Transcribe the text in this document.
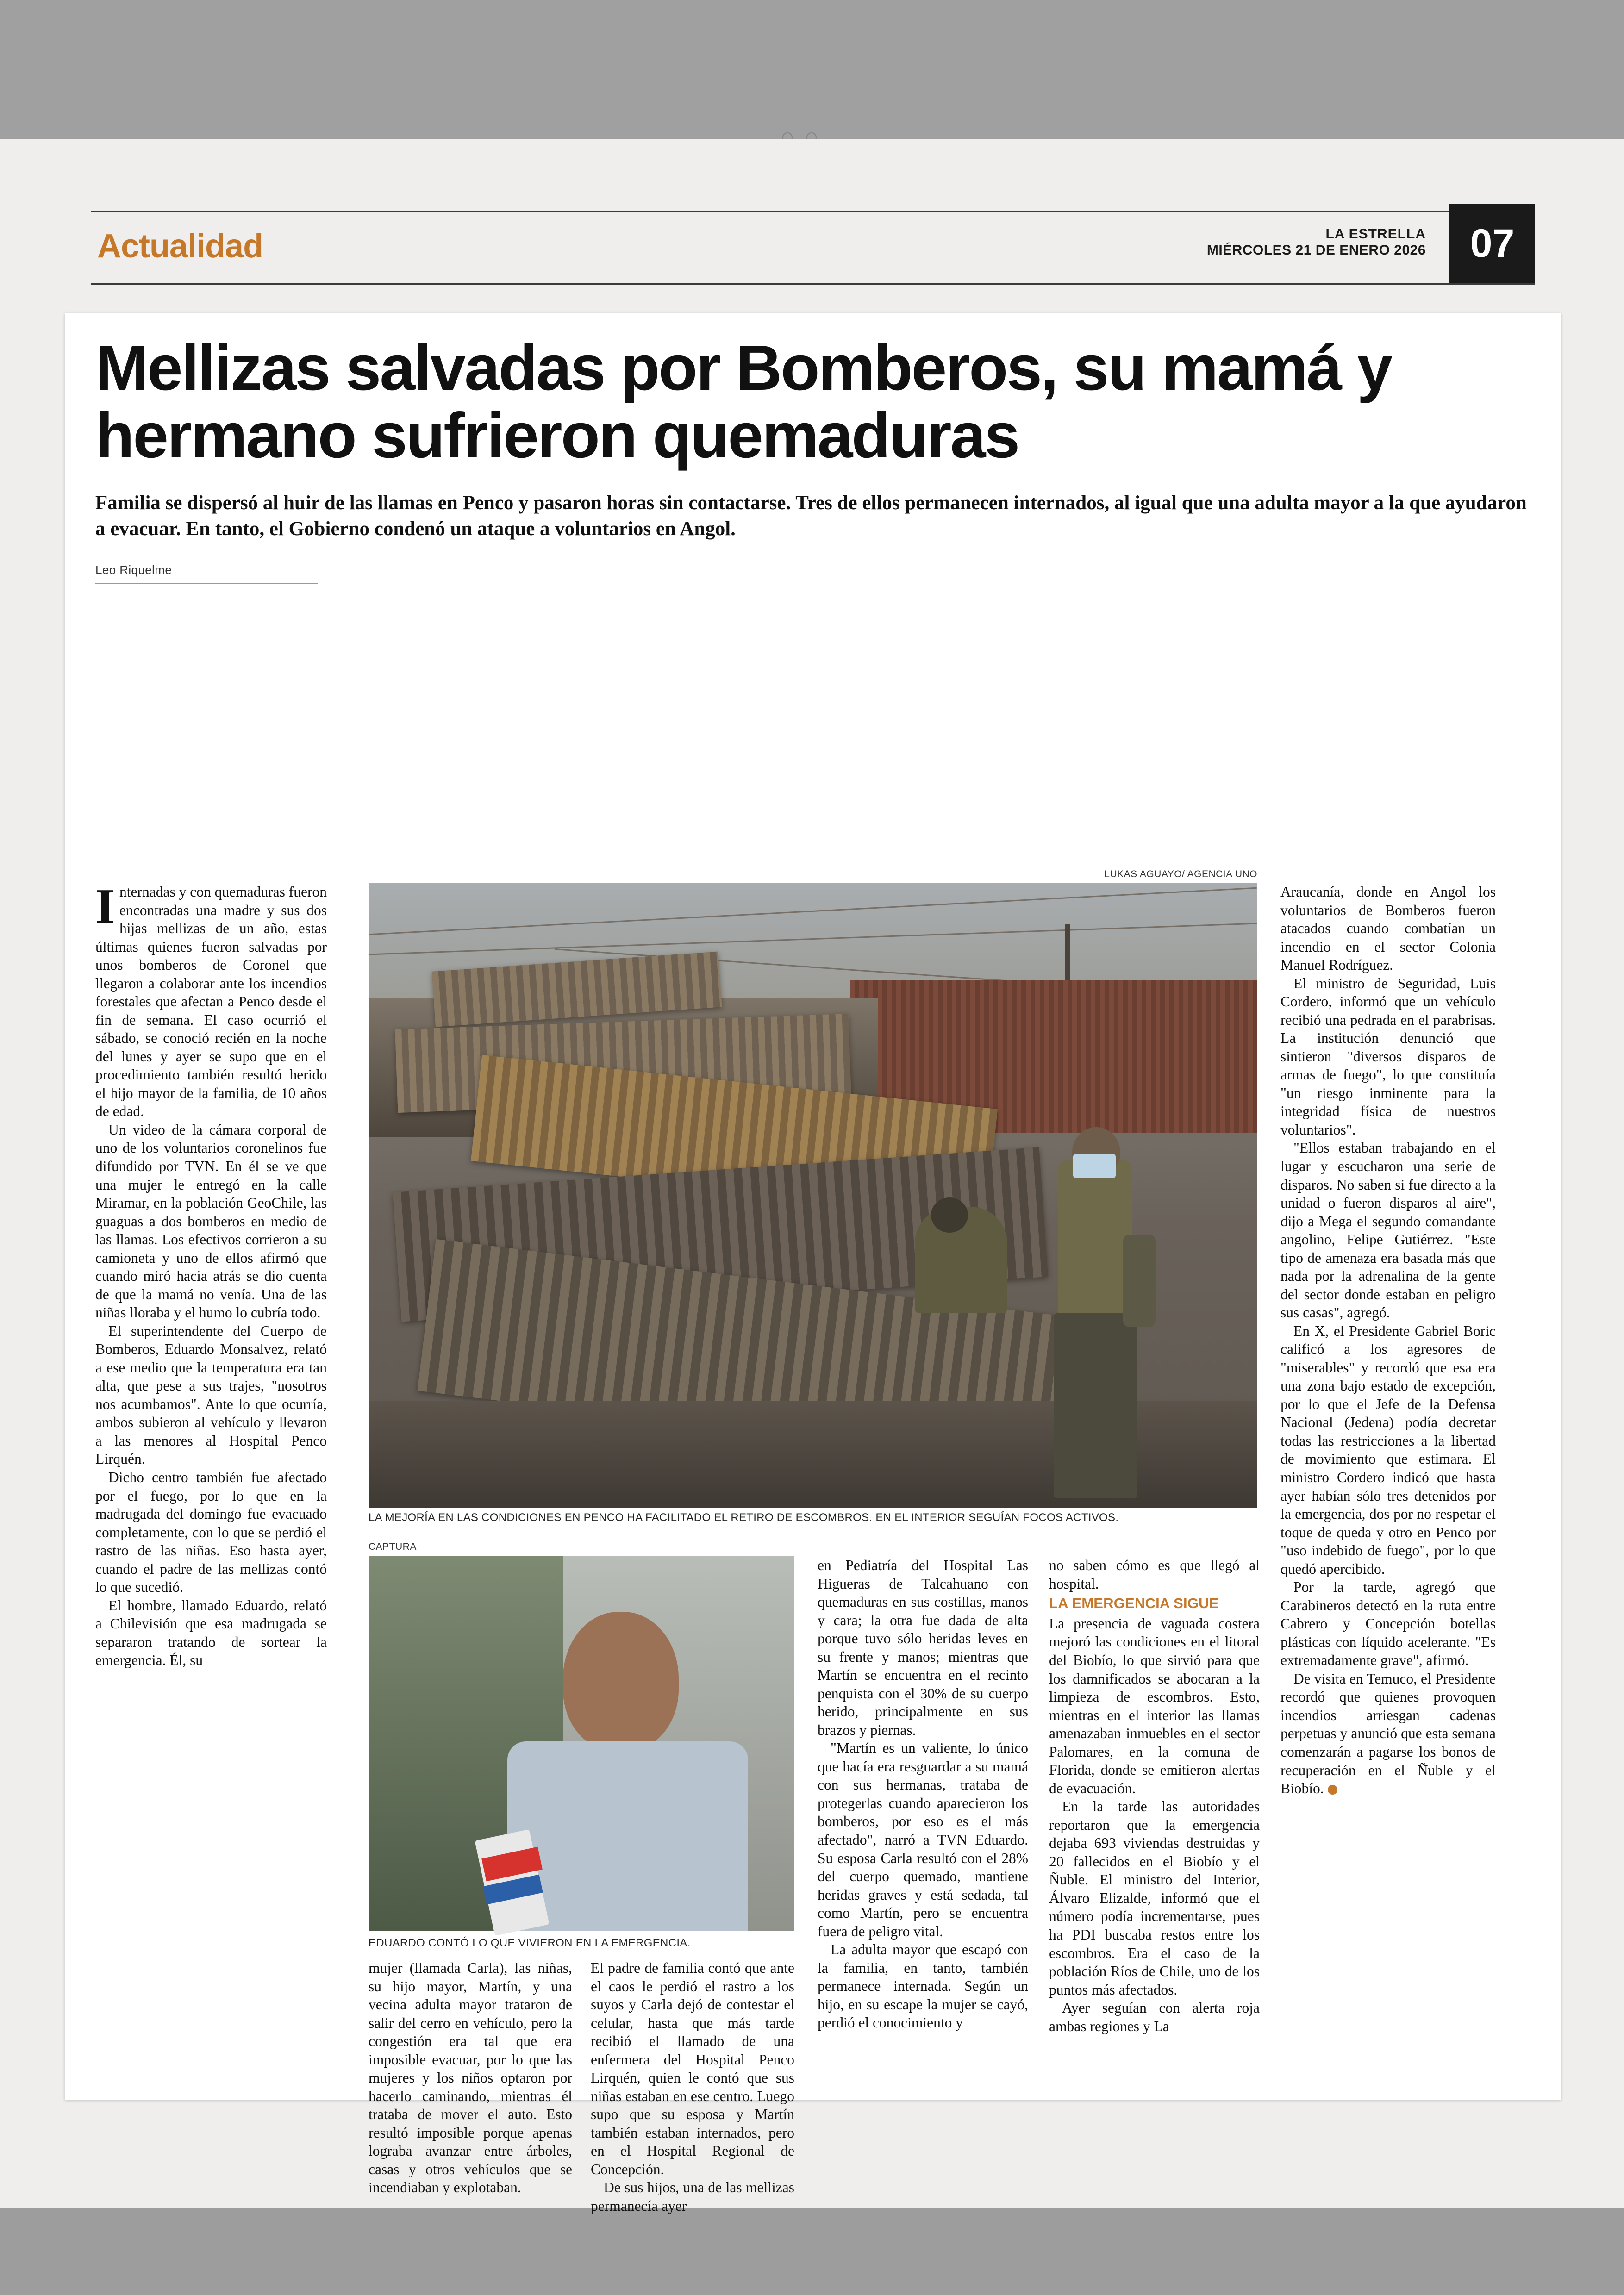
Actualidad	LA ESTRELLA
MIÉRCOLES 21 DE ENERO 2026	07
Mellizas salvadas por Bomberos, su mamá y hermano sufrieron quemaduras
Familia se dispersó al huir de las llamas en Penco y pasaron horas sin contactarse. Tres de ellos permanecen internados, al igual que una adulta mayor a la que ayudaron a evacuar. En tanto, el Gobierno condenó un ataque a voluntarios en Angol.
Leo Riquelme
LUKAS AGUAYO/ AGENCIA UNO
LA MEJORÍA EN LAS CONDICIONES EN PENCO HA FACILITADO EL RETIRO DE ESCOMBROS. EN EL INTERIOR SEGUÍAN FOCOS ACTIVOS.
CAPTURA
EDUARDO CONTÓ LO QUE VIVIERON EN LA EMERGENCIA.

Internadas y con quemaduras fueron encontradas una madre y sus dos hijas mellizas de un año, estas últimas quienes fueron salvadas por unos bomberos de Coronel que llegaron a colaborar ante los incendios forestales que afectan a Penco desde el fin de semana. El caso ocurrió el sábado, se conoció recién en la noche del lunes y ayer se supo que en el procedimiento también resultó herido el hijo mayor de la familia, de 10 años de edad.

Un video de la cámara corporal de uno de los voluntarios coronelinos fue difundido por TVN. En él se ve que una mujer le entregó en la calle Miramar, en la población GeoChile, las guaguas a dos bomberos en medio de las llamas. Los efectivos corrieron a su camioneta y uno de ellos afirmó que cuando miró hacia atrás se dio cuenta de que la mamá no venía. Una de las niñas lloraba y el humo lo cubría todo.

El superintendente del Cuerpo de Bomberos, Eduardo Monsalvez, relató a ese medio que la temperatura era tan alta, que pese a sus trajes, "nosotros nos acumbamos". Ante lo que ocurría, ambos subieron al vehículo y llevaron a las menores al Hospital Penco Lirquén.

Dicho centro también fue afectado por el fuego, por lo que en la madrugada del domingo fue evacuado completamente, con lo que se perdió el rastro de las niñas. Eso hasta ayer, cuando el padre de las mellizas contó lo que sucedió.

El hombre, llamado Eduardo, relató a Chilevisión que esa madrugada se separaron tratando de sortear la emergencia. Él, su

mujer (llamada Carla), las niñas, su hijo mayor, Martín, y una vecina adulta mayor trataron de salir del cerro en vehículo, pero la congestión era tal que era imposible evacuar, por lo que las mujeres y los niños optaron por hacerlo caminando, mientras él trataba de mover el auto. Esto resultó imposible porque apenas lograba avanzar entre árboles, casas y otros vehículos que se incendiaban y explotaban.

El padre de familia contó que ante el caos le perdió el rastro a los suyos y Carla dejó de contestar el celular, hasta que más tarde recibió el llamado de una enfermera del Hospital Penco Lirquén, quien le contó que sus niñas estaban en ese centro. Luego supo que su esposa y Martín también estaban internados, pero en el Hospital Regional de Concepción.

De sus hijos, una de las mellizas permanecía ayer

en Pediatría del Hospital Las Higueras de Talcahuano con quemaduras en sus costillas, manos y cara; la otra fue dada de alta porque tuvo sólo heridas leves en su frente y manos; mientras que Martín se encuentra en el recinto penquista con el 30% de su cuerpo herido, principalmente en sus brazos y piernas.

"Martín es un valiente, lo único que hacía era resguardar a su mamá con sus hermanas, trataba de protegerlas cuando aparecieron los bomberos, por eso es el más afectado", narró a TVN Eduardo. Su esposa Carla resultó con el 28% del cuerpo quemado, mantiene heridas graves y está sedada, tal como Martín, pero se encuentra fuera de peligro vital.

La adulta mayor que escapó con la familia, en tanto, también permanece internada. Según un hijo, en su escape la mujer se cayó, perdió el conocimiento y

no saben cómo es que llegó al hospital.

LA EMERGENCIA SIGUE

La presencia de vaguada costera mejoró las condiciones en el litoral del Biobío, lo que sirvió para que los damnificados se abocaran a la limpieza de escombros. Esto, mientras en el interior las llamas amenazaban inmuebles en el sector Palomares, en la comuna de Florida, donde se emitieron alertas de evacuación.

En la tarde las autoridades reportaron que la emergencia dejaba 693 viviendas destruidas y 20 fallecidos en el Biobío y el Ñuble. El ministro del Interior, Álvaro Elizalde, informó que el número podía incrementarse, pues ha PDI buscaba restos entre los escombros. Era el caso de la población Ríos de Chile, uno de los puntos más afectados.

Ayer seguían con alerta roja ambas regiones y La

Araucanía, donde en Angol los voluntarios de Bomberos fueron atacados cuando combatían un incendio en el sector Colonia Manuel Rodríguez.

El ministro de Seguridad, Luis Cordero, informó que un vehículo recibió una pedrada en el parabrisas. La institución denunció que sintieron "diversos disparos de armas de fuego", lo que constituía "un riesgo inminente para la integridad física de nuestros voluntarios".

"Ellos estaban trabajando en el lugar y escucharon una serie de disparos. No saben si fue directo a la unidad o fueron disparos al aire", dijo a Mega el segundo comandante angolino, Felipe Gutiérrez. "Este tipo de amenaza era basada más que nada por la adrenalina de la gente del sector donde estaban en peligro sus casas", agregó.

En X, el Presidente Gabriel Boric calificó a los agresores de "miserables" y recordó que esa era una zona bajo estado de excepción, por lo que el Jefe de la Defensa Nacional (Jedena) podía decretar todas las restricciones a la libertad de movimiento que estimara. El ministro Cordero indicó que hasta ayer habían sólo tres detenidos por la emergencia, dos por no respetar el toque de queda y otro en Penco por "uso indebido de fuego", por lo que quedó apercibido.

Por la tarde, agregó que Carabineros detectó en la ruta entre Cabrero y Concepción botellas plásticas con líquido acelerante. "Es extremadamente grave", afirmó.

De visita en Temuco, el Presidente recordó que quienes provoquen incendios arriesgan cadenas perpetuas y anunció que esta semana comenzarán a pagarse los bonos de recuperación en el Ñuble y el Biobío.
